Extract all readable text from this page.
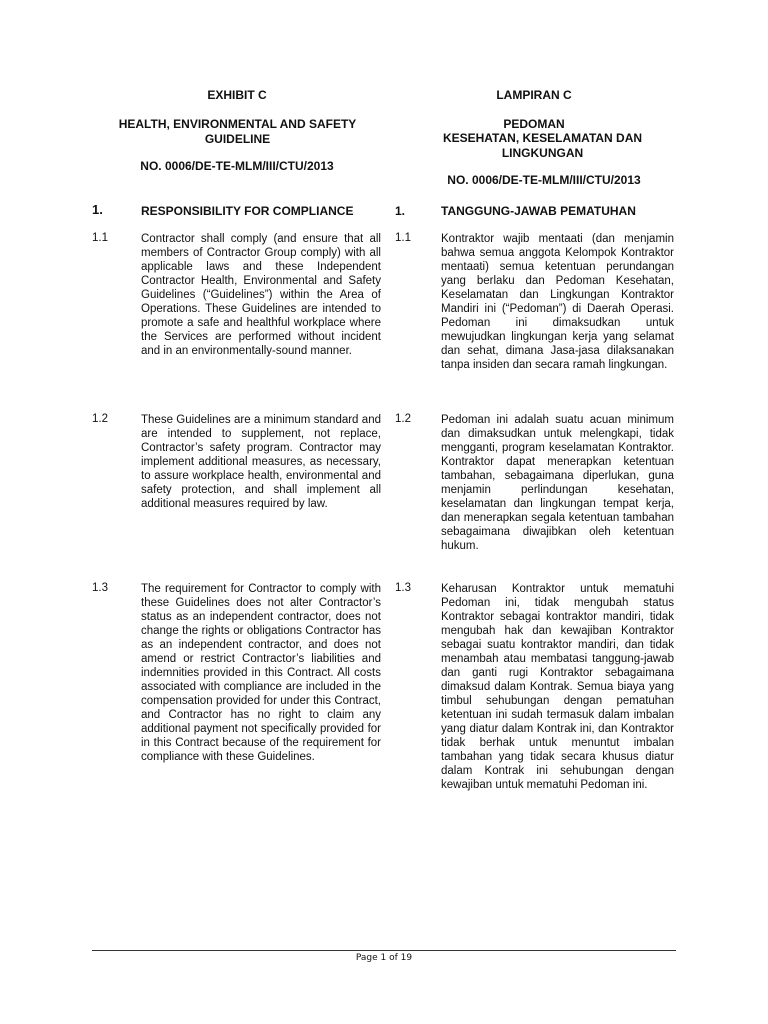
EXHIBIT C
HEALTH, ENVIRONMENTAL AND SAFETY GUIDELINE
NO. 0006/DE-TE-MLM/III/CTU/2013
1.	RESPONSIBILITY FOR COMPLIANCE
1.1	Contractor shall comply (and ensure that all members of Contractor Group comply) with all applicable laws and these Independent Contractor Health, Environmental and Safety Guidelines (“Guidelines”) within the Area of Operations. These Guidelines are intended to promote a safe and healthful workplace where the Services are performed without incident and in an environmentally-sound manner.
1.2	These Guidelines are a minimum standard and are intended to supplement, not replace, Contractor’s safety program. Contractor may implement additional measures, as necessary, to assure workplace health, environmental and safety protection, and shall implement all additional measures required by law.
1.3	The requirement for Contractor to comply with these Guidelines does not alter Contractor’s status as an independent contractor, does not change the rights or obligations Contractor has as an independent contractor, and does not amend or restrict Contractor’s liabilities and indemnities provided in this Contract. All costs associated with compliance are included in the compensation provided for under this Contract, and Contractor has no right to claim any additional payment not specifically provided for in this Contract because of the requirement for compliance with these Guidelines.
LAMPIRAN C
PEDOMAN
KESEHATAN, KESELAMATAN DAN LINGKUNGAN
NO. 0006/DE-TE-MLM/III/CTU/2013
1.	TANGGUNG-JAWAB PEMATUHAN
1.1	Kontraktor wajib mentaati (dan menjamin bahwa semua anggota Kelompok Kontraktor mentaati) semua ketentuan perundangan yang berlaku dan Pedoman Kesehatan, Keselamatan dan Lingkungan Kontraktor Mandiri ini (“Pedoman”) di Daerah Operasi. Pedoman ini dimaksudkan untuk mewujudkan lingkungan kerja yang selamat dan sehat, dimana Jasa-jasa dilaksanakan tanpa insiden dan secara ramah lingkungan.
1.2	Pedoman ini adalah suatu acuan minimum dan dimaksudkan untuk melengkapi, tidak mengganti, program keselamatan Kontraktor. Kontraktor dapat menerapkan ketentuan tambahan, sebagaimana diperlukan, guna menjamin perlindungan kesehatan, keselamatan dan lingkungan tempat kerja, dan menerapkan segala ketentuan tambahan sebagaimana diwajibkan oleh ketentuan hukum.
1.3	Keharusan Kontraktor untuk mematuhi Pedoman ini, tidak mengubah status Kontraktor sebagai kontraktor mandiri, tidak mengubah hak dan kewajiban Kontraktor sebagai suatu kontraktor mandiri, dan tidak menambah atau membatasi tanggung-jawab dan ganti rugi Kontraktor sebagaimana dimaksud dalam Kontrak. Semua biaya yang timbul sehubungan dengan pematuhan ketentuan ini sudah termasuk dalam imbalan yang diatur dalam Kontrak ini, dan Kontraktor tidak berhak untuk menuntut imbalan tambahan yang tidak secara khusus diatur dalam Kontrak ini sehubungan dengan kewajiban untuk mematuhi Pedoman ini.
Page 1 of 19
